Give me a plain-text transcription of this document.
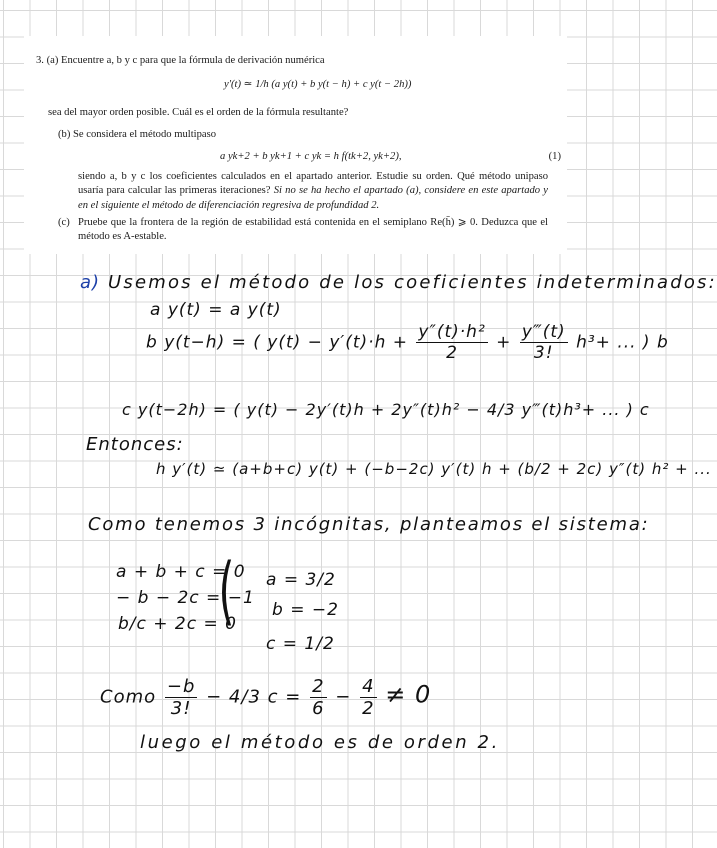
3. (a) Encuentre a, b y c para que la fórmula de derivación numérica
y′(t) ≃ 1/h (a y(t) + b y(t − h) + c y(t − 2h))
sea del mayor orden posible. Cuál es el orden de la fórmula resultante?
(b) Se considera el método multipaso
a yk+2 + b yk+1 + c yk = h f(tk+2, yk+2),	(1)
siendo a, b y c los coeficientes calculados en el apartado anterior. Estudie su orden. Qué método unipaso usaría para calcular las primeras iteraciones? Si no se ha hecho el apartado (a), considere en este apartado y en el siguiente el método de diferenciación regresiva de profundidad 2.
(c) Pruebe que la frontera de la región de estabilidad está contenida en el semiplano Re(h̄) ⩾ 0. Deduzca que el método es A-estable.
a) Usemos el método de los coeficientes indeterminados:
a y(t) = a y(t)
b y(t−h) = ( $y(t) - y'(t)\cdot h + \frac{\text{y″(t)·h²}}{2} + \frac{y‴(t)}{3!} h^3+$ ... ) b
c y(t−2h) = ( y(t) − 2y′(t)h + 2y″(t)h² − 4/3 y‴(t)h³+ ... ) c
Entonces:
h y′(t) ≃ (a+b+c) y(t) + (−b−2c) y′(t) h + (b/2 + 2c) y″(t) h² + ...
Como tenemos 3 incógnitas, planteamos el sistema:
a + b + c = 0
− b − 2c = −1
b/c + 2c = 0
( a = 3/2
b = −2
c = 1/2
Como $\frac{-b}{3!} - 4/3$ $c = \frac{2}{6} - \frac{4}{2} \ne 0$
luego el método es de orden 2.
